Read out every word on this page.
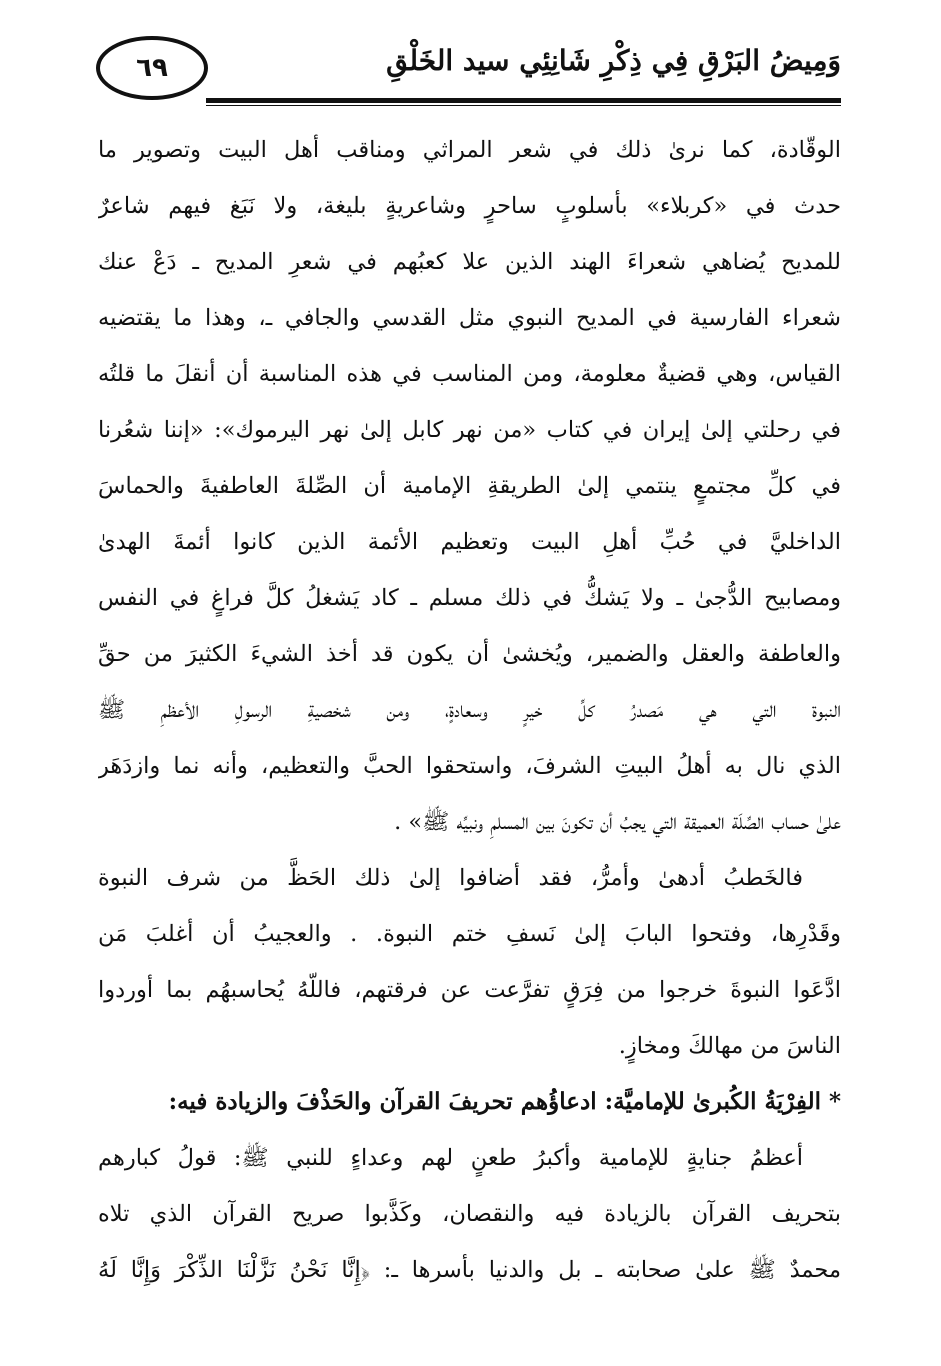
٦٩	وَمِيضُ البَرْقِ فِي ذِكْرِ شَانِئِي سيد الخَلْقِ
الوقّادة، كما نرىٰ ذلك في شعر المراثي ومناقب أهل البيت وتصوير ما
حدث في «كربلاء» بأسلوبٍ ساحرٍ وشاعريةٍ بليغة، ولا نَبَغ فيهم شاعرٌ
للمديح يُضاهي شعراءَ الهند الذين علا كعبُهم في شعرِ المديح ـ دَعْ عنك
شعراء الفارسية في المديح النبوي مثل القدسي والجافي ـ، وهذا ما يقتضيه
القياس، وهي قضيةٌ معلومة، ومن المناسب في هذه المناسبة أن أنقلَ ما قلتُه
في رحلتي إلىٰ إيران في كتاب «من نهر كابل إلىٰ نهر اليرموك»: «إننا شعُرنا
في كلِّ مجتمعٍ ينتمي إلىٰ الطريقةِ الإمامية أن الصِّلةَ العاطفيةَ والحماسَ
الداخليَّ في حُبِّ أهلِ البيت وتعظيم الأئمة الذين كانوا أئمةَ الهدىٰ
ومصابيح الدُّجىٰ ـ ولا يَشكُّ في ذلك مسلم ـ كاد يَشغلُ كلَّ فراغٍ في النفس
والعاطفة والعقل والضمير، ويُخشىٰ أن يكون قد أخذ الشيءَ الكثيرَ من حقِّ
النبوة التي هي مَصدرُ كلِّ خيرٍ وسعادةٍ، ومن شخصيةِ الرسولِ الأعظمِ ﷺ
الذي نال به أهلُ البيتِ الشرفَ، واستحقوا الحبَّ والتعظيم، وأنه نما وازدَهَر
علىٰ حساب الصِّلَة العميقة التي يجبُ أن تكونَ بين المسلمِ ونبيِّه ﷺ» .
فالخَطبُ أدهىٰ وأمرُّ، فقد أضافوا إلىٰ ذلك الحَظَّ من شرف النبوة
وقَدْرِها، وفتحوا البابَ إلىٰ نَسفِ ختم النبوة. . والعجيبُ أن أغلبَ مَن
ادَّعَوا النبوةَ خرجوا من فِرَقٍ تفرَّعت عن فرقتهم، فاللّهُ يُحاسبهُم بما أوردوا
الناسَ من مهالكَ ومخازٍ.
* الفِرْيَةُ الكُبرىٰ للإماميَّة: ادعاؤُهم تحريفَ القرآن والحَذْفَ والزيادة فيه:
أعظمُ جنايةٍ للإمامية وأكبرُ طعنٍ لهم وعداءٍ للنبي ﷺ: قولُ كبارهم
بتحريف القرآن بالزيادة فيه والنقصان، وكَذَّبوا صريح القرآن الذي تلاه
محمدٌ ﷺ علىٰ صحابته ـ بل والدنيا بأسرها ـ: ﴿إِنَّا نَحْنُ نَزَّلْنَا الذِّكْرَ وَإِنَّا لَهُ
